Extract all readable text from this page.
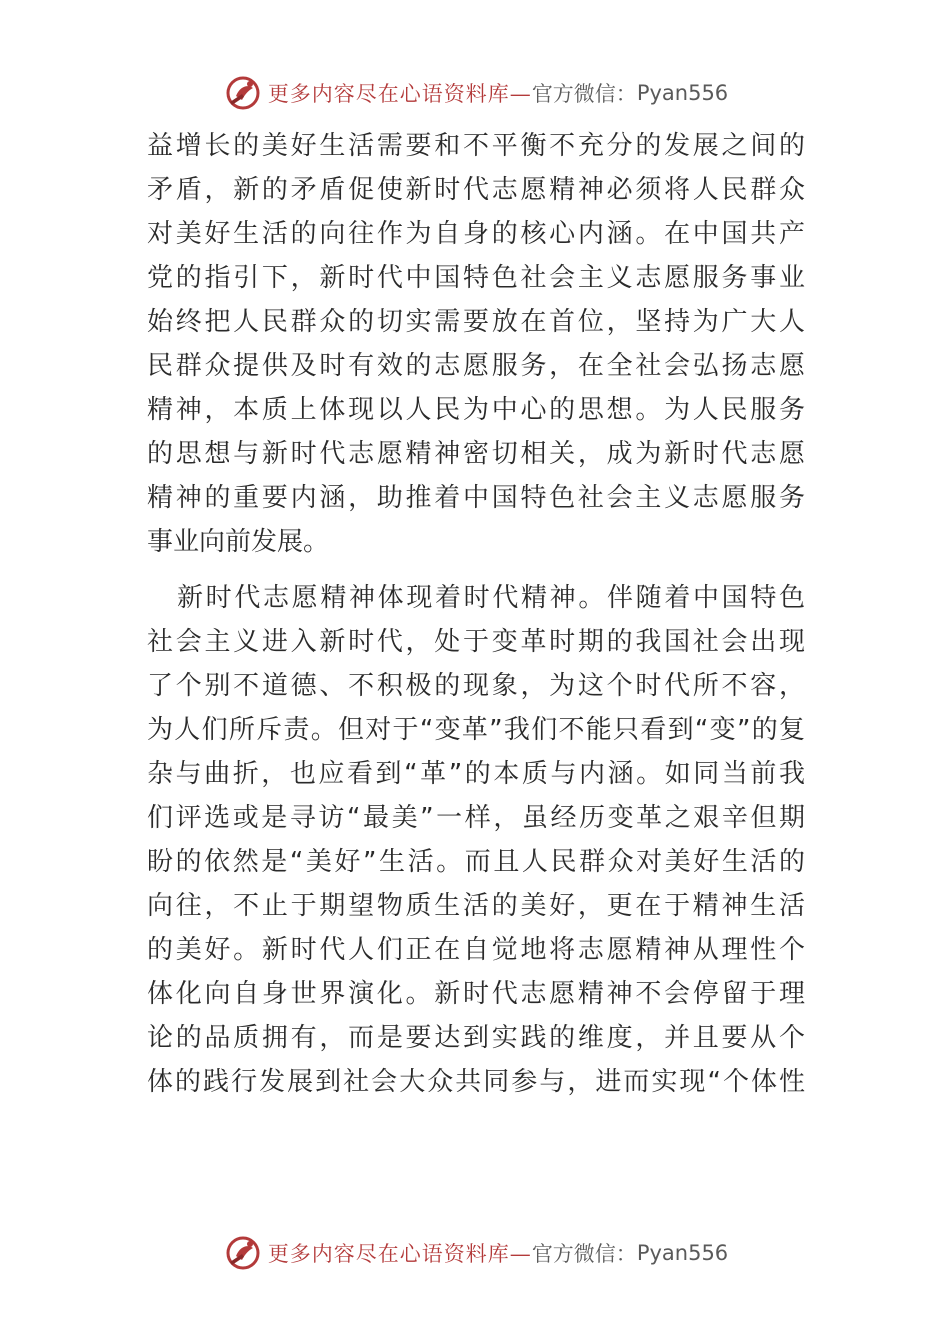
更多内容尽在心语资料库— 官方微信： Pyan556
益增长的美好生活需要和不平衡不充分的发展之间的
矛盾，新的矛盾促使新时代志愿精神必须将人民群众
对美好生活的向往作为自身的核心内涵。在中国共产
党的指引下，新时代中国特色社会主义志愿服务事业
始终把人民群众的切实需要放在首位，坚持为广大人
民群众提供及时有效的志愿服务，在全社会弘扬志愿
精神，本质上体现以人民为中心的思想。为人民服务
的思想与新时代志愿精神密切相关，成为新时代志愿
精神的重要内涵，助推着中国特色社会主义志愿服务
事业向前发展。
新时代志愿精神体现着时代精神。伴随着中国特色
社会主义进入新时代，处于变革时期的我国社会出现
了个别不道德、不积极的现象，为这个时代所不容，
为人们所斥责。但对于“变革”我们不能只看到“变”的复
杂与曲折，也应看到“革”的本质与内涵。如同当前我
们评选或是寻访“最美”一样，虽经历变革之艰辛但期
盼的依然是“美好”生活。而且人民群众对美好生活的
向往，不止于期望物质生活的美好，更在于精神生活
的美好。新时代人们正在自觉地将志愿精神从理性个
体化向自身世界演化。新时代志愿精神不会停留于理
论的品质拥有，而是要达到实践的维度，并且要从个
体的践行发展到社会大众共同参与，进而实现“个体性
更多内容尽在心语资料库— 官方微信： Pyan556
